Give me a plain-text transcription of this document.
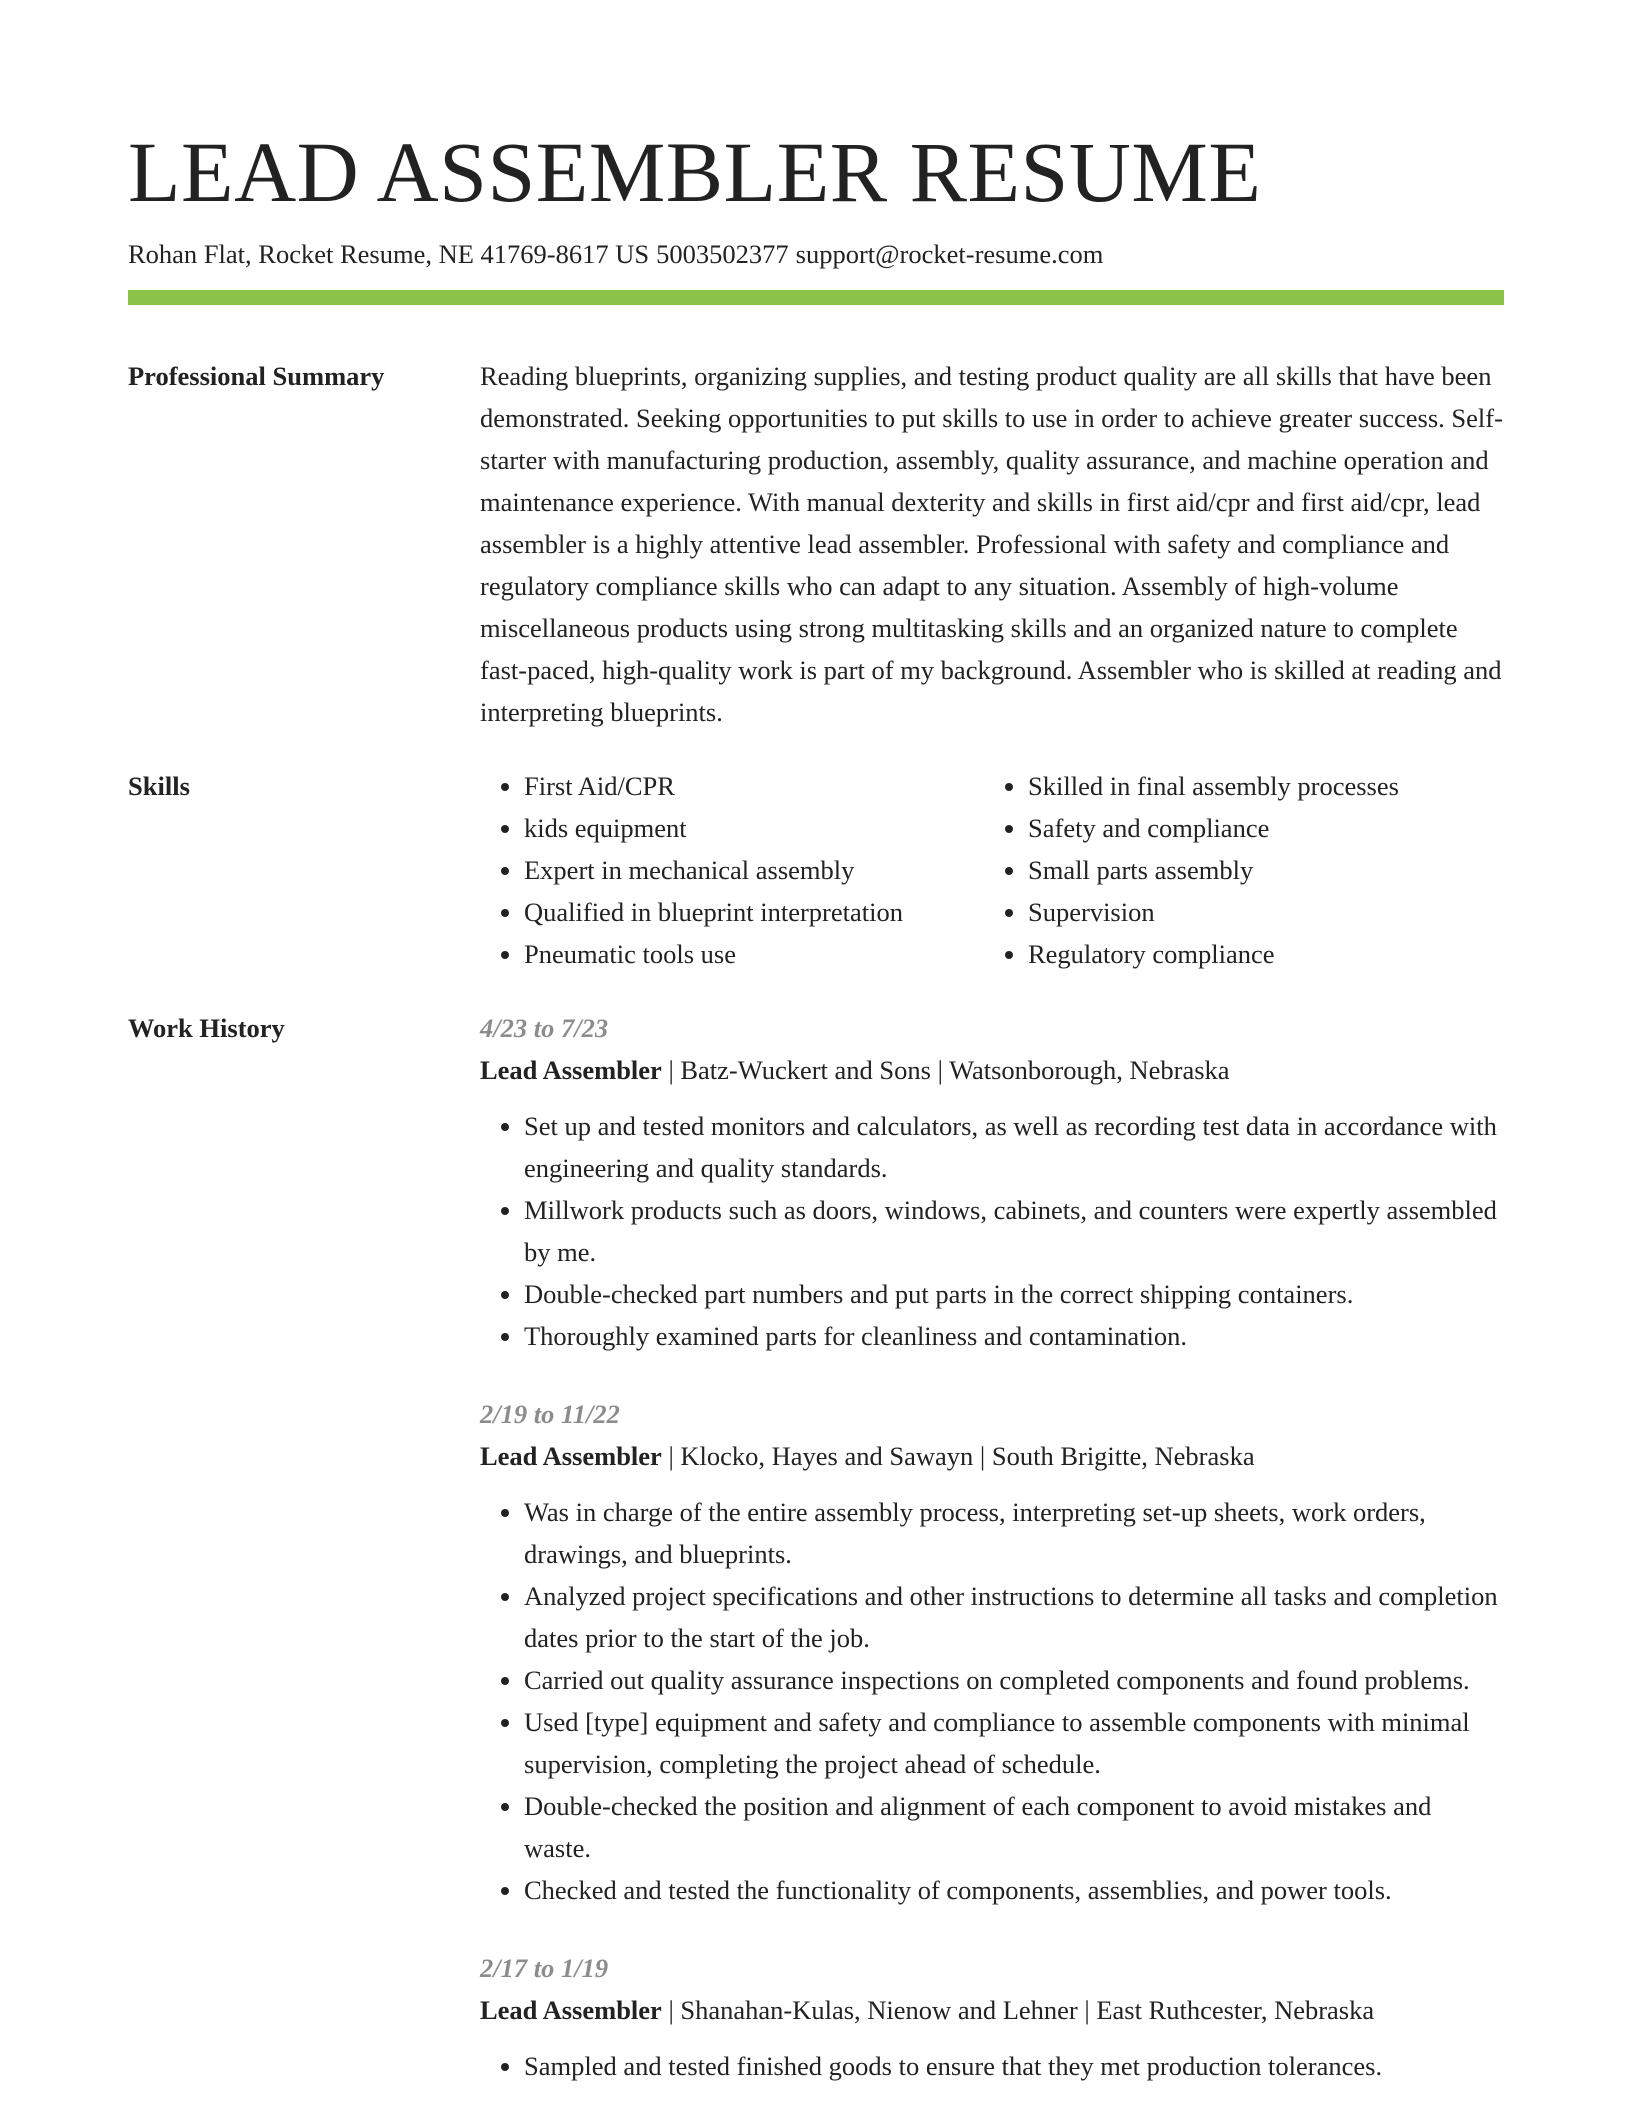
LEAD ASSEMBLER RESUME
Rohan Flat, Rocket Resume, NE 41769-8617 US 5003502377 support@rocket-resume.com
Professional Summary	Reading blueprints, organizing supplies, and testing product quality are all skills that have been demonstrated. Seeking opportunities to put skills to use in order to achieve greater success. Self-starter with manufacturing production, assembly, quality assurance, and machine operation and maintenance experience. With manual dexterity and skills in first aid/cpr and first aid/cpr, lead assembler is a highly attentive lead assembler. Professional with safety and compliance and regulatory compliance skills who can adapt to any situation. Assembly of high-volume miscellaneous products using strong multitasking skills and an organized nature to complete fast-paced, high-quality work is part of my background. Assembler who is skilled at reading and interpreting blueprints.
Skills
•	First Aid/CPR
• kids equipment
• Expert in mechanical assembly
• Qualified in blueprint interpretation
• Pneumatic tools use
• Skilled in final assembly processes
• Safety and compliance
• Small parts assembly
• Supervision
• Regulatory compliance
Work History	4/23 to 7/23
Lead Assembler | Batz-Wuckert and Sons | Watsonborough, Nebraska
• Set up and tested monitors and calculators, as well as recording test data in accordance with engineering and quality standards.
• Millwork products such as doors, windows, cabinets, and counters were expertly assembled by me.
• Double-checked part numbers and put parts in the correct shipping containers.
• Thoroughly examined parts for cleanliness and contamination.
2/19 to 11/22
Lead Assembler | Klocko, Hayes and Sawayn | South Brigitte, Nebraska
• Was in charge of the entire assembly process, interpreting set-up sheets, work orders, drawings, and blueprints.
• Analyzed project specifications and other instructions to determine all tasks and completion dates prior to the start of the job.
• Carried out quality assurance inspections on completed components and found problems.
• Used [type] equipment and safety and compliance to assemble components with minimal supervision, completing the project ahead of schedule.
• Double-checked the position and alignment of each component to avoid mistakes and waste.
• Checked and tested the functionality of components, assemblies, and power tools.
2/17 to 1/19
Lead Assembler | Shanahan-Kulas, Nienow and Lehner | East Ruthcester, Nebraska
• Sampled and tested finished goods to ensure that they met production tolerances.
